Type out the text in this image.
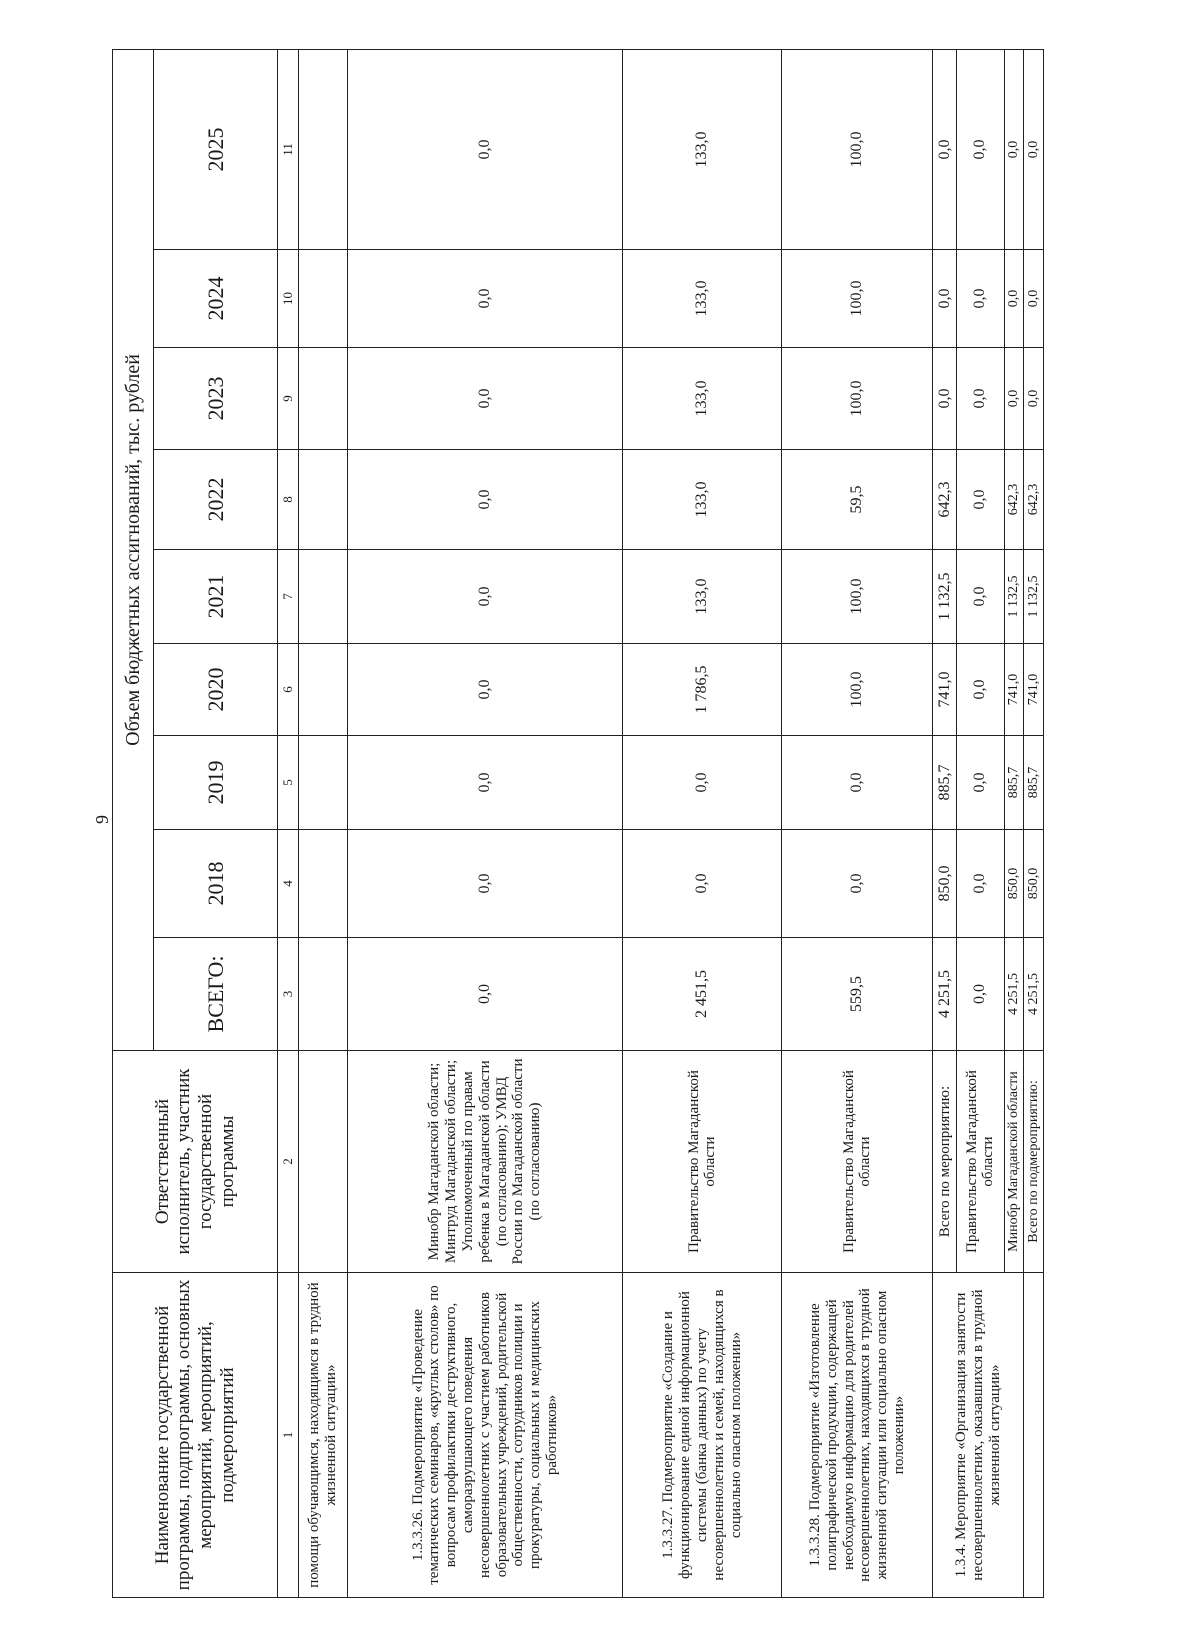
9
Наименование государственной программы, подпрограммы, основных мероприятий, мероприятий, подмероприятий	Ответственный исполнитель, участник государственной программы	Объем бюджетных ассигнований, тыс. рублей								
		ВСЕГО:	2018	2019	2020	2021	2022	2023	2024	2025
1	2	3	4	5	6	7	8	9	10	11
помощи обучающимся, находящимся в трудной жизненной ситуации»										
1.3.3.26. Подмероприятие «Проведение тематических семинаров, «круглых столов» по вопросам профилактики деструктивного, саморазрушающего поведения несовершеннолетних с участием работников образовательных учреждений, родительской общественности, сотрудников полиции и прокуратуры, социальных и медицинских работников»	Минобр Магаданской области; Минтруд Магаданской области; Уполномоченный по правам ребенка в Магаданской области (по согласованию); УМВД России по Магаданской области (по согласованию)	0,0	0,0	0,0	0,0	0,0	0,0	0,0	0,0	0,0
1.3.3.27. Подмероприятие «Создание и функционирование единой информационной системы (банка данных) по учету несовершеннолетних и семей, находящихся в социально опасном положении»	Правительство Магаданской области	2 451,5	0,0	0,0	1 786,5	133,0	133,0	133,0	133,0	133,0
1.3.3.28. Подмероприятие «Изготовление полиграфической продукции, содержащей необходимую информацию для родителей несовершеннолетних, находящихся в трудной жизненной ситуации или социально опасном положении»	Правительство Магаданской области	559,5	0,0	0,0	100,0	100,0	59,5	100,0	100,0	100,0
1.3.4. Мероприятие «Организация занятости несовершеннолетних, оказавшихся в трудной жизненной ситуации»	Всего по мероприятию:	4 251,5	850,0	885,7	741,0	1 132,5	642,3	0,0	0,0	0,0
	Правительство Магаданской области	0,0	0,0	0,0	0,0	0,0	0,0	0,0	0,0	0,0
	Минобр Магаданской области	4 251,5	850,0	885,7	741,0	1 132,5	642,3	0,0	0,0	0,0
	Всего по подмероприятию:	4 251,5	850,0	885,7	741,0	1 132,5	642,3	0,0	0,0	0,0
